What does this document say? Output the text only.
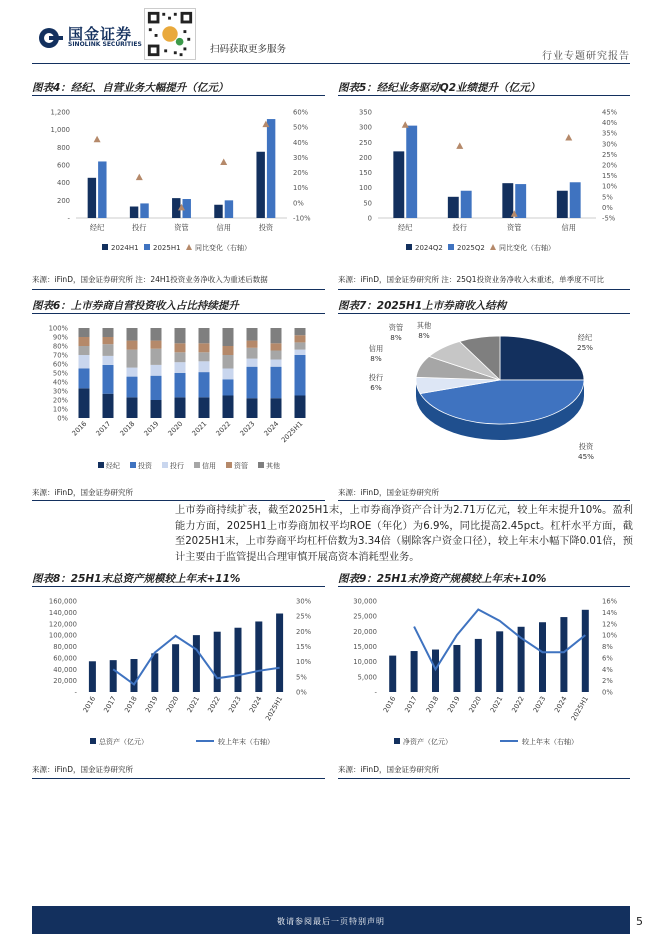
国金证券
SINOLINK SECURITIES	扫码获取更多服务
行业专题研究报告
图表4：经纪、自营业务大幅提升（亿元）
1,200
1,000
800
600
400
200
-
60%
50%
40%
30%
20%
10%
0%
-10%
经纪	投行	资管	信用	投资
2024H1 2025H1 同比变化（右轴）
来源：iFinD，国金证券研究所 注：24H1投资业务净收入为重述后数据
图表5：经纪业务驱动Q2业绩提升（亿元）
350
300
250
200
150
100
50
0
45%
40%
35%
30%
25%
20%
15%
10%
5%
0%
-5%
经纪	投行	资管	信用
2024Q2 2025Q2 同比变化（右轴）
来源：iFinD，国金证券研究所 注：25Q1投资业务净收入未重述，单季度不可比
图表6：上市券商自营投资收入占比持续提升
100%
90%
80%
70%
60%
50%
40%
30%
20%
10%
0%
2016 2017 2018 2019 2020 2021 2022 2023 2024 2025H1
经纪	投资	投行	信用	资管	其他
来源：iFinD，国金证券研究所
图表7：2025H1上市券商收入结构
经纪
25%
投资
45%
投行
6%
信用
8%
资管
8%
其他
8%
来源：iFinD，国金证券研究所
上市券商持续扩表，截至2025H1末，上市券商净资产合计为2.71万亿元，较上年末提升10%。盈利能力方面，2025H1上市券商加权平均ROE（年化）为6.9%，同比提高2.45pct。杠杆水平方面，截至2025H1末，上市券商平均杠杆倍数为3.34倍（剔除客户资金口径），较上年末小幅下降0.01倍，预计主要由于监管提出合理审慎开展高资本消耗型业务。
图表8：25H1末总资产规模较上年末+11%
160,000
140,000
120,000
100,000
80,000
60,000
40,000
20,000
-
30%
25%
20%
15%
10%
5%
0%
2016 2017 2018 2019 2020 2021 2022 2023 2024 2025H1
总资产（亿元）	较上年末（右轴）
来源：iFinD，国金证券研究所
图表9：25H1末净资产规模较上年末+10%
30,000
25,000
20,000
15,000
10,000
5,000
-
16%
14%
12%
10%
8%
6%
4%
2%
0%
2016 2017 2018 2019 2020 2021 2022 2023 2024 2025H1
净资产（亿元）	较上年末（右轴）
来源：iFinD，国金证券研究所
敬请参阅最后一页特别声明	5
